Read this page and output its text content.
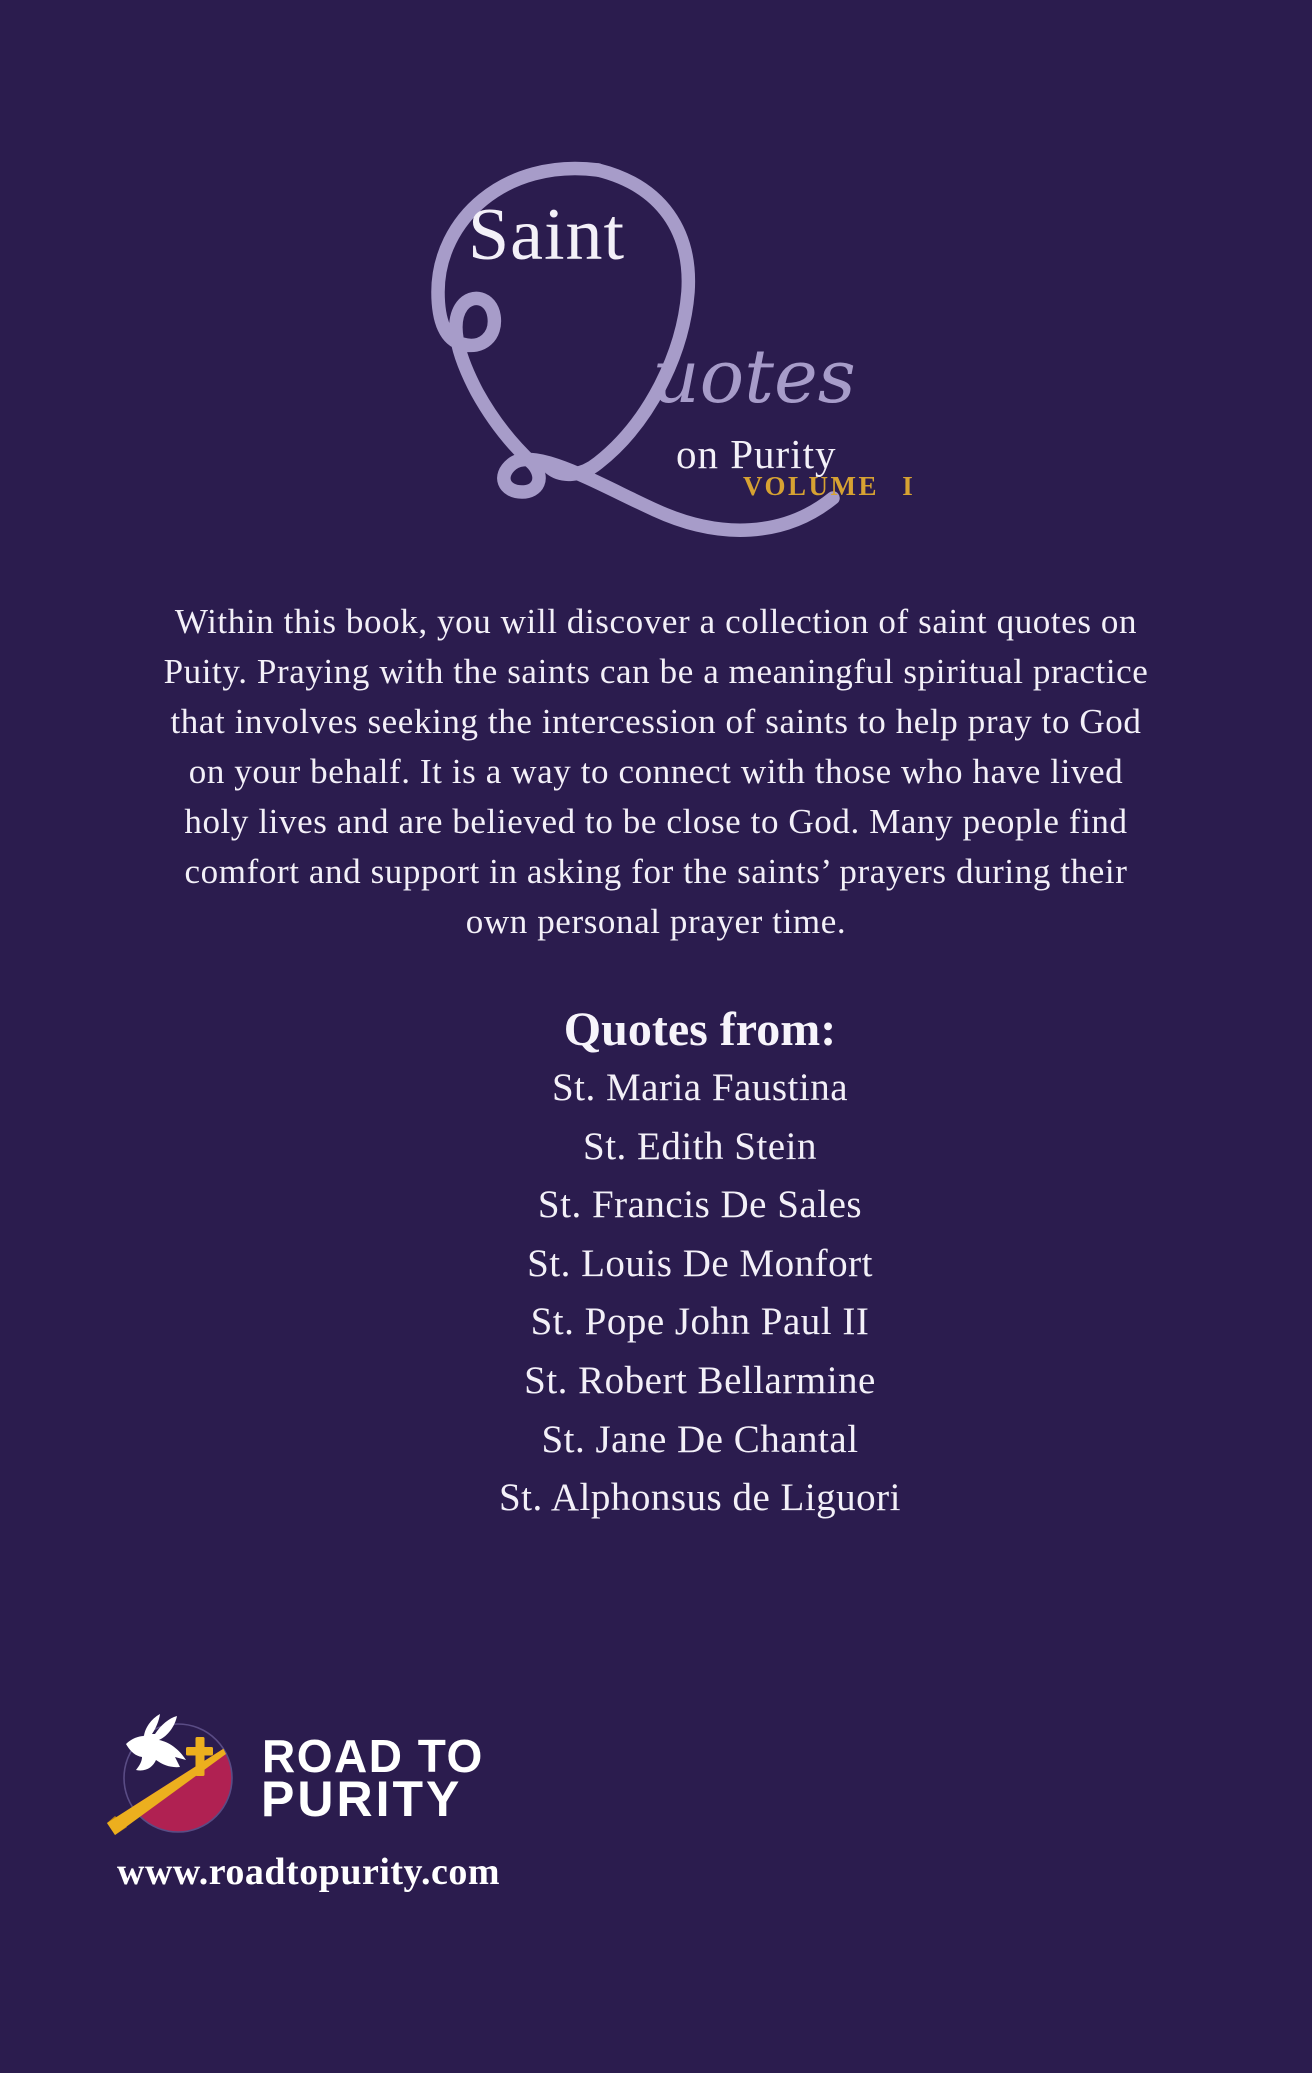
Saint
uotes
on Purity
VOLUME I
Within this book, you will discover a collection of saint quotes on
Puity. Praying with the saints can be a meaningful spiritual practice
that involves seeking the intercession of saints to help pray to God
on your behalf. It is a way to connect with those who have lived
holy lives and are believed to be close to God. Many people find
comfort and support in asking for the saints’ prayers during their
own personal prayer time.
Quotes from:
St. Maria Faustina
St. Edith Stein
St. Francis De Sales
St. Louis De Monfort
St. Pope John Paul II
St. Robert Bellarmine
St. Jane De Chantal
St. Alphonsus de Liguori
ROAD TO
PURITY
www.roadtopurity.com
